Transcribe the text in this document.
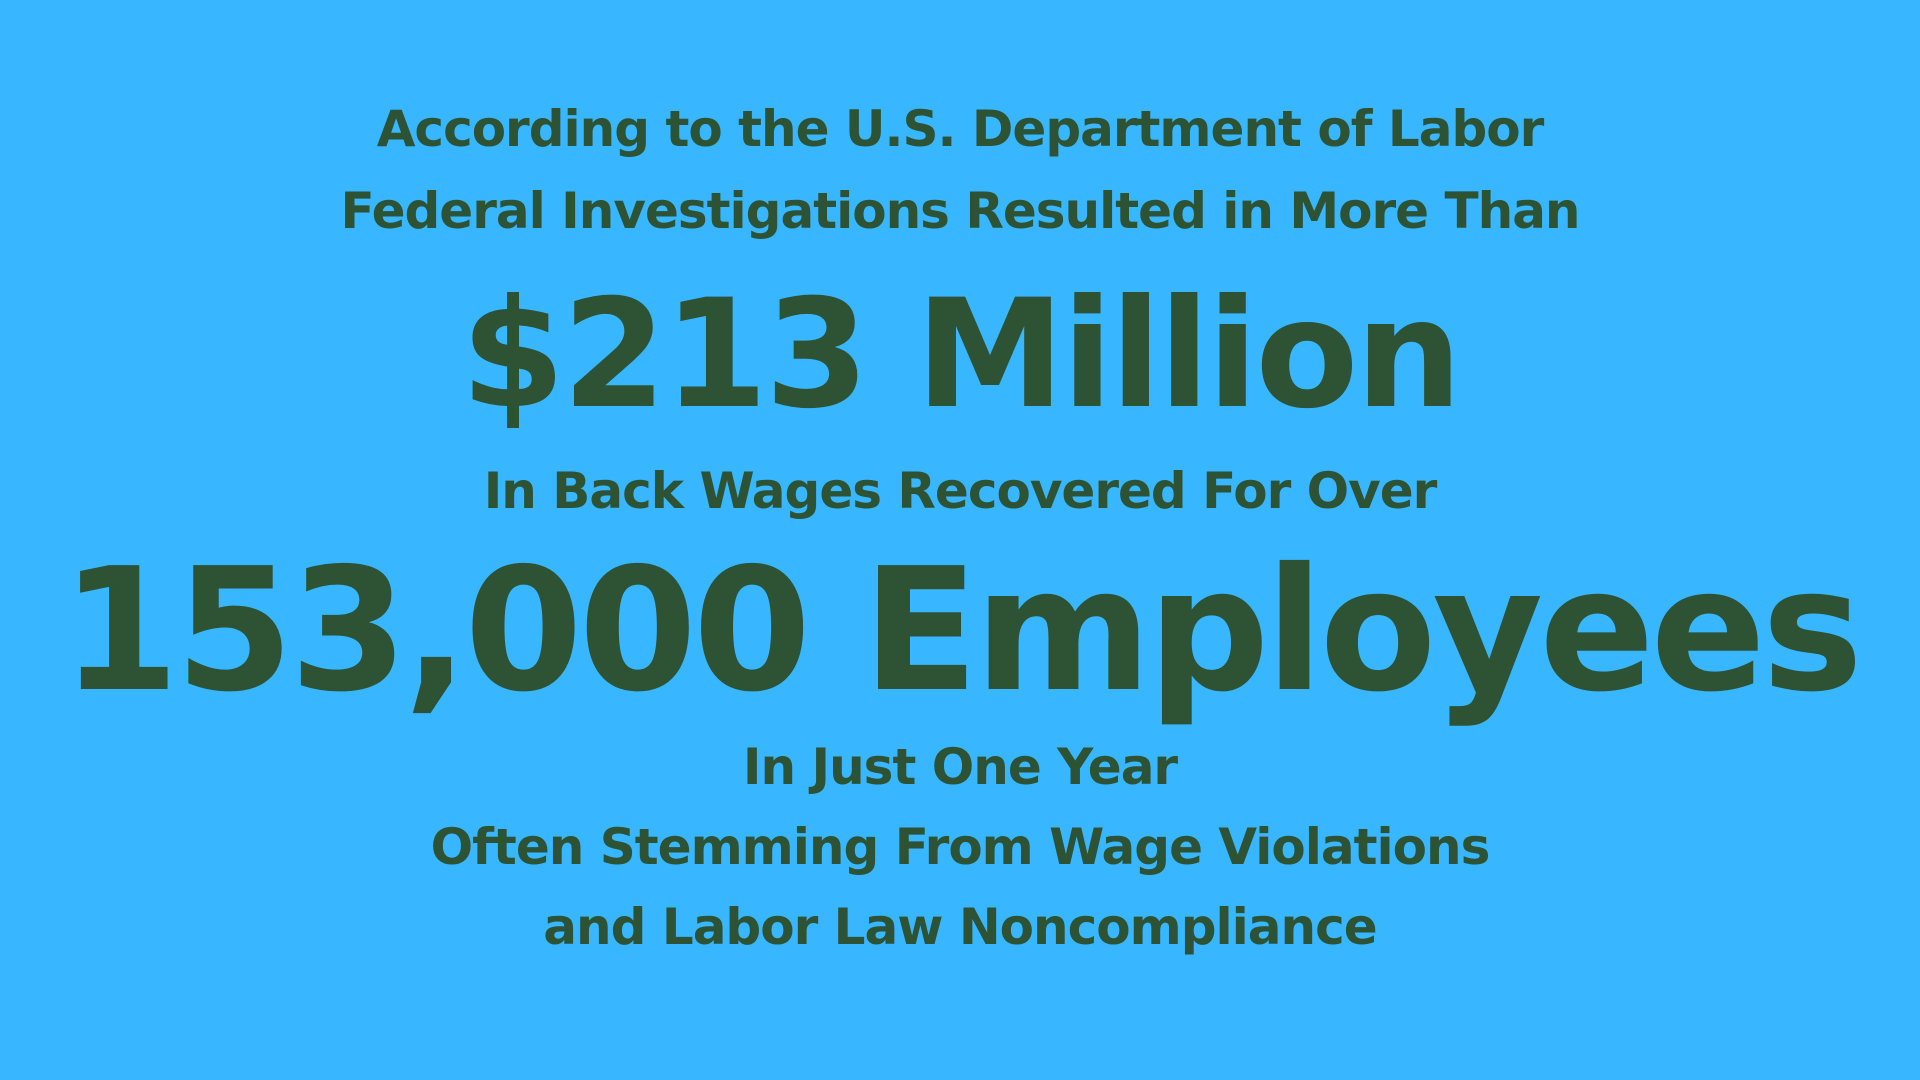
According to the U.S. Department of Labor
Federal Investigations Resulted in More Than
$213 Million
In Back Wages Recovered For Over
153,000 Employees
In Just One Year
Often Stemming From Wage Violations
and Labor Law Noncompliance
